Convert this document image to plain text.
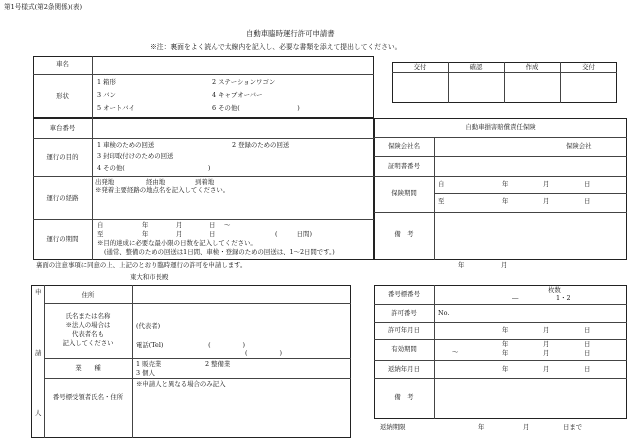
第1号様式(第2条関係)(表)
自動車臨時運行許可申請書
※注：裏面をよく読んで太線内を記入し、必要な書類を添えて提出してください。
交付	確認	作成	交付
車名
形状
1 箱形	2 ステーションワゴン
3 バン	4 キャブオーバー
5 オートバイ	6 その他(　　　　　　　　　)
車台番号
運行の目的
1 車検のための回送	2 登録のための回送
3 封印取付けのための回送
4 その他(　　　　　　　　　　　　　)
運行の経路
出発地	経由地	到着地
※発着主要経路の地点名を記入してください。
運行の期間
自	年	月	日 ～
至	年	月	日	(　　　日間)
※目的達成に必要な最小限の日数を記入してください。
(通常、整備のための回送は1日間、車検・登録のための回送は、1～2日間です。)
自動車損害賠償責任保険
保険会社名	保険会社
証明書番号
保険期間
自	年	月	日
至	年	月	日
備　考
裏面の注意事項に同意の上、上記のとおり臨時運行の許可を申請します。	年	月
東大和市長殿
申
請
人
住所
氏名または名称
※法人の場合は
代表者名も
記入してください
(代表者)
電話(Tel)　　　　　　　(　　　　　)
(　　　　　)
業　　種	1 販売業	2 整備業
3 個人
番号標受領者氏名・住所
※申請人と異なる場合のみ記入
番号標番号	枚数
―	1・2
許可番号	No.
許可年月日	年	月	日
有効期間	～
年	月	日
年	月	日
返納年月日	年	月	日
備　考
返納期限	年	月	日まで
